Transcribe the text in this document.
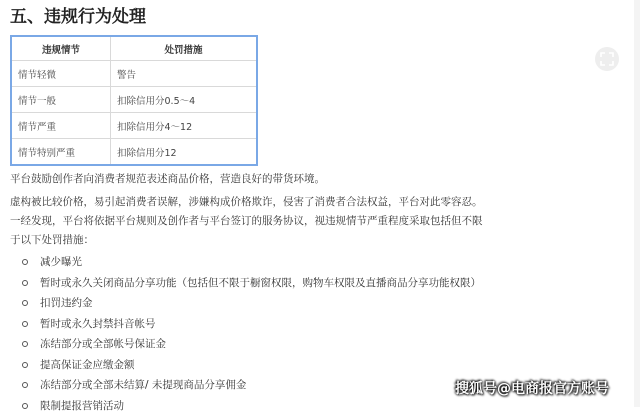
五、违规行为处理
违规情节	处罚措施
情节轻微	警告
情节一般	扣除信用分0.5～4
情节严重	扣除信用分4～12
情节特别严重	扣除信用分12

平台鼓励创作者向消费者规范表述商品价格，营造良好的带货环境。

虚构被比较价格，易引起消费者误解，涉嫌构成价格欺诈，侵害了消费者合法权益，平台对此零容忍。

一经发现，平台将依据平台规则及创作者与平台签订的服务协议，视违规情节严重程度采取包括但不限

于以下处罚措施：

减少曝光
暂时或永久关闭商品分享功能（包括但不限于橱窗权限，购物车权限及直播商品分享功能权限）
扣罚违约金
暂时或永久封禁抖音帐号
冻结部分或全部帐号保证金
提高保证金应缴金额
冻结部分或全部未结算/ 未提现商品分享佣金
限制提报营销活动
搜狐号@电商报官方账号
